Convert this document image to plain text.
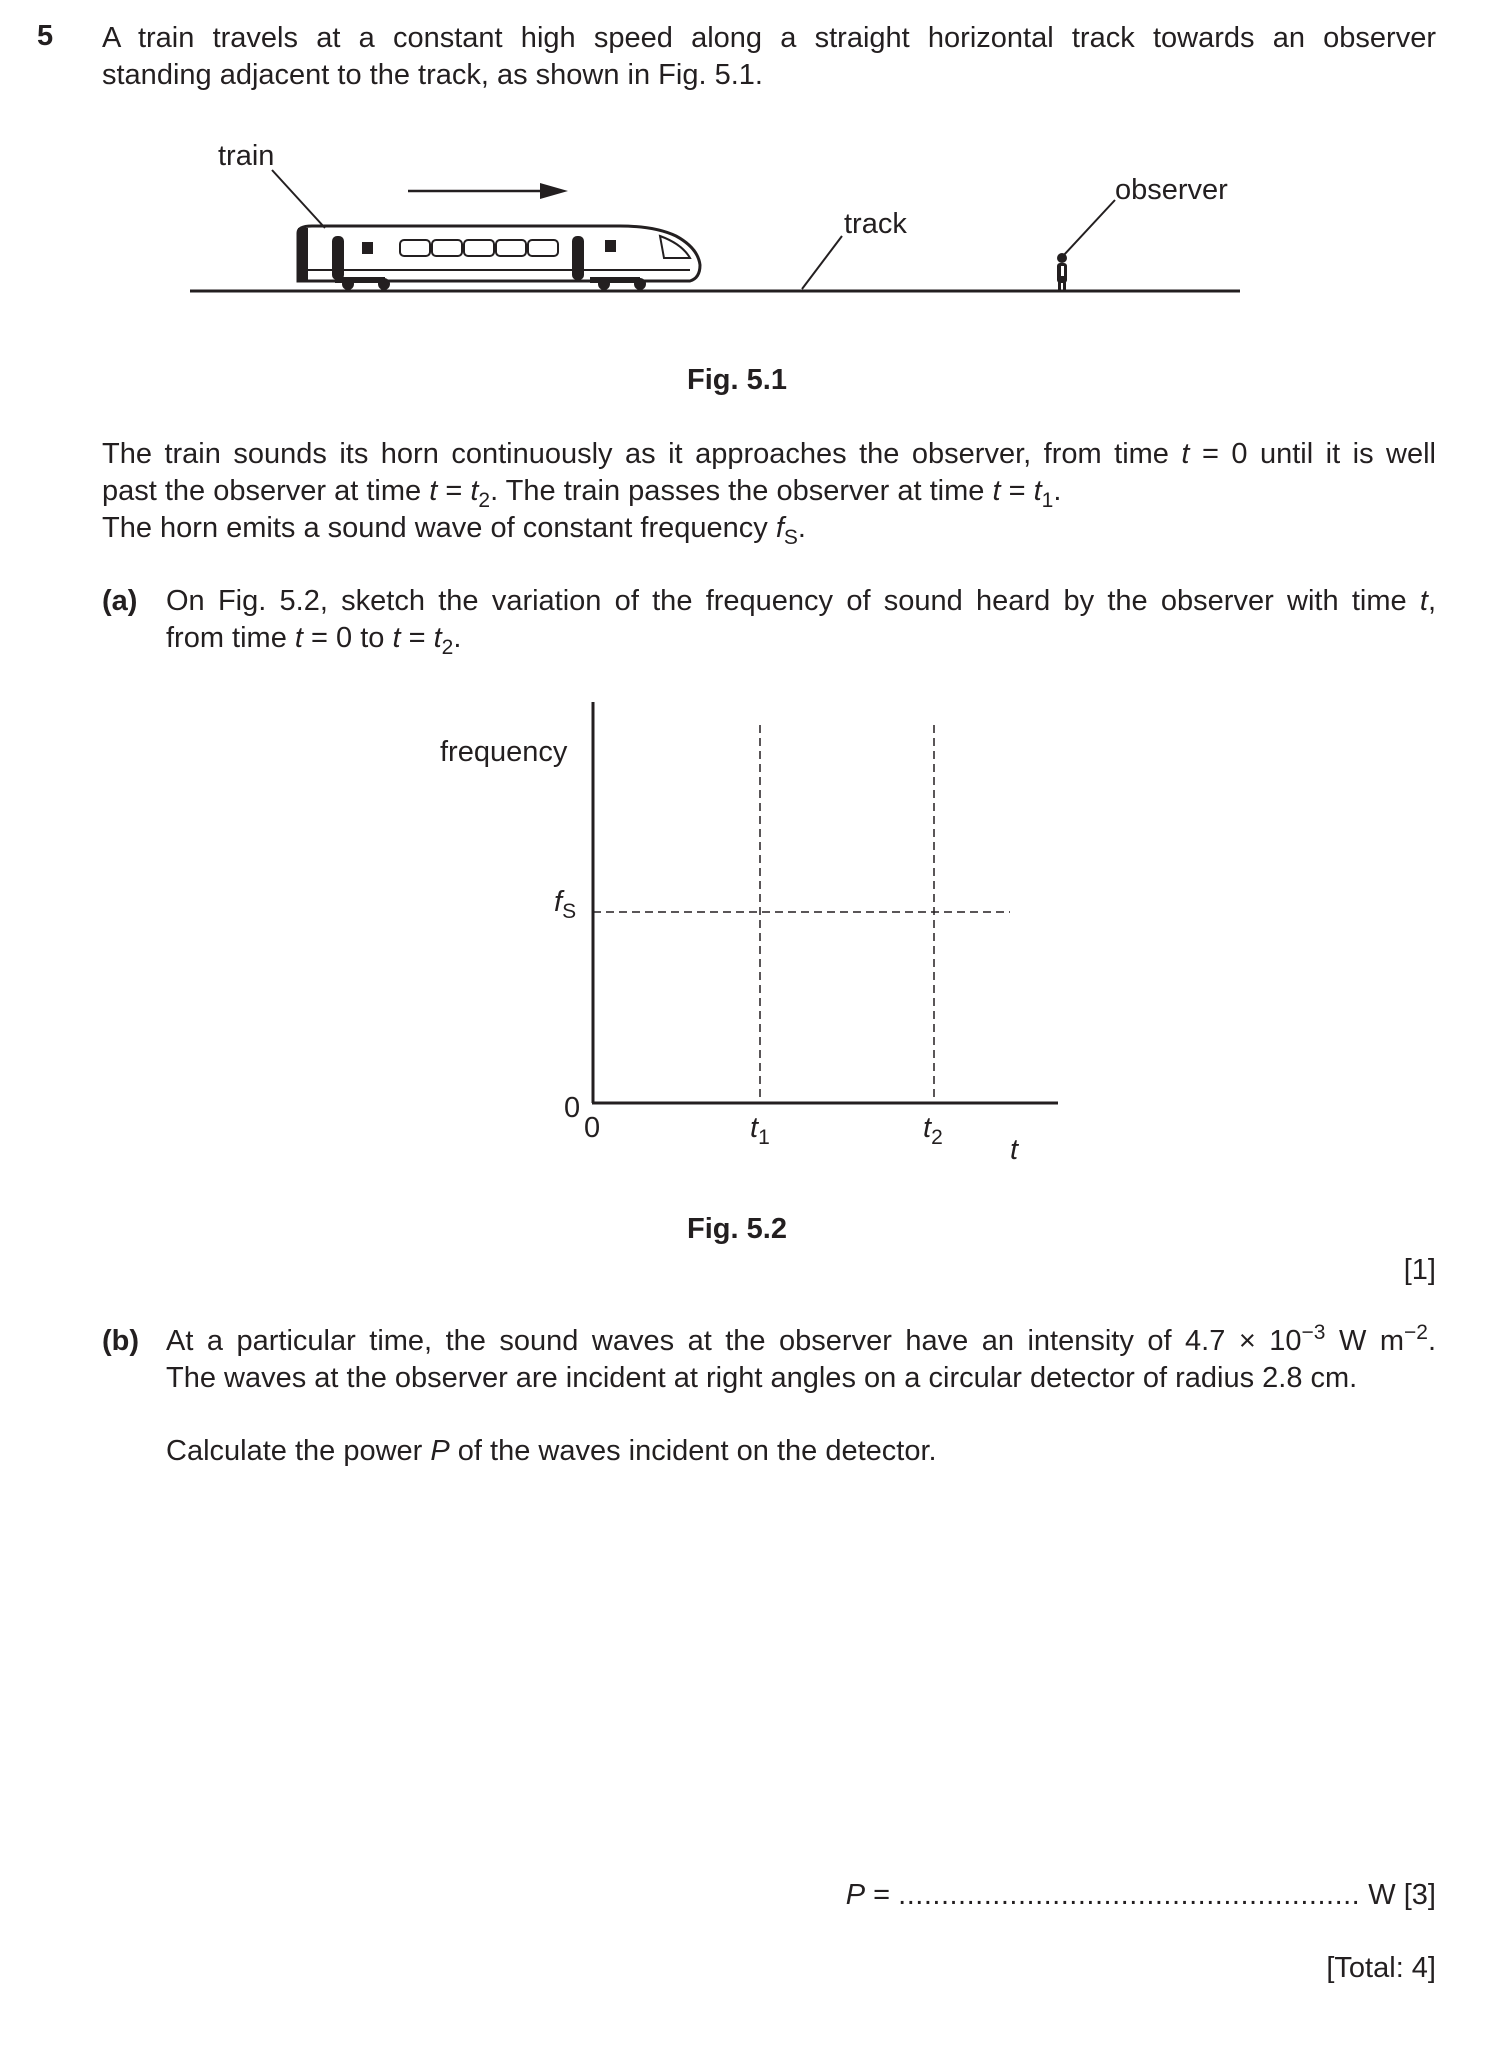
5 A train travels at a constant high speed along a straight horizontal track towards an observer
standing adjacent to the track, as shown in Fig. 5.1.
train
track
observer
Fig. 5.1
The train sounds its horn continuously as it approaches the observer, from time t = 0 until it is well
past the observer at time $t = t_2$. The train passes the observer at time $t = t_1$.
The horn emits a sound wave of constant frequency $f_S$.
(a) On Fig. 5.2, sketch the variation of the frequency of sound heard by the observer with time t,
from time t = 0 to $t = t_2$.
frequency
$f_S$
0
0	$t_1$	$t_2$ t
Fig. 5.2
[1]
(b) At a particular time, the sound waves at the observer have an intensity of $4.7 \times 10^{-3}$ W $m^{-2}$.
The waves at the observer are incident at right angles on a circular detector of radius 2.8 cm.
Calculate the power P of the waves incident on the detector.
P = ...................................................... W [3]
[Total: 4]
